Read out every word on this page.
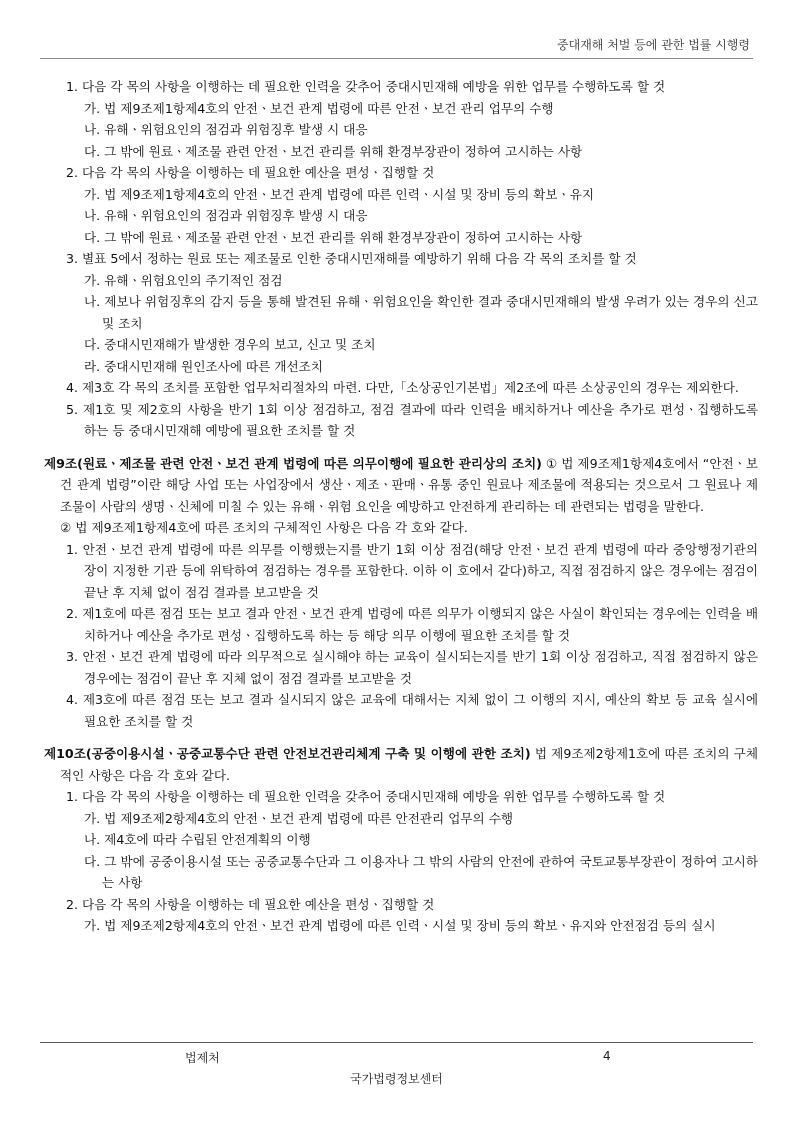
중대재해 처벌 등에 관한 법률 시행령

1. 다음 각 목의 사항을 이행하는 데 필요한 인력을 갖추어 중대시민재해 예방을 위한 업무를 수행하도록 할 것

가. 법 제9조제1항제4호의 안전ㆍ보건 관계 법령에 따른 안전ㆍ보건 관리 업무의 수행

나. 유해ㆍ위험요인의 점검과 위험징후 발생 시 대응

다. 그 밖에 원료ㆍ제조물 관련 안전ㆍ보건 관리를 위해 환경부장관이 정하여 고시하는 사항

2. 다음 각 목의 사항을 이행하는 데 필요한 예산을 편성ㆍ집행할 것

가. 법 제9조제1항제4호의 안전ㆍ보건 관계 법령에 따른 인력ㆍ시설 및 장비 등의 확보ㆍ유지

나. 유해ㆍ위험요인의 점검과 위험징후 발생 시 대응

다. 그 밖에 원료ㆍ제조물 관련 안전ㆍ보건 관리를 위해 환경부장관이 정하여 고시하는 사항

3. 별표 5에서 정하는 원료 또는 제조물로 인한 중대시민재해를 예방하기 위해 다음 각 목의 조치를 할 것

가. 유해ㆍ위험요인의 주기적인 점검

나. 제보나 위험징후의 감지 등을 통해 발견된 유해ㆍ위험요인을 확인한 결과 중대시민재해의 발생 우려가 있는 경우의 신고 및 조치

다. 중대시민재해가 발생한 경우의 보고, 신고 및 조치

라. 중대시민재해 원인조사에 따른 개선조치

4. 제3호 각 목의 조치를 포함한 업무처리절차의 마련. 다만,「소상공인기본법」제2조에 따른 소상공인의 경우는 제외한다.

5. 제1호 및 제2호의 사항을 반기 1회 이상 점검하고, 점검 결과에 따라 인력을 배치하거나 예산을 추가로 편성ㆍ집행하도록 하는 등 중대시민재해 예방에 필요한 조치를 할 것

제9조(원료ㆍ제조물 관련 안전ㆍ보건 관계 법령에 따른 의무이행에 필요한 관리상의 조치) ① 법 제9조제1항제4호에서 “안전ㆍ보건 관계 법령”이란 해당 사업 또는 사업장에서 생산ㆍ제조ㆍ판매ㆍ유통 중인 원료나 제조물에 적용되는 것으로서 그 원료나 제조물이 사람의 생명ㆍ신체에 미칠 수 있는 유해ㆍ위험 요인을 예방하고 안전하게 관리하는 데 관련되는 법령을 말한다.

② 법 제9조제1항제4호에 따른 조치의 구체적인 사항은 다음 각 호와 같다.

1. 안전ㆍ보건 관계 법령에 따른 의무를 이행했는지를 반기 1회 이상 점검(해당 안전ㆍ보건 관계 법령에 따라 중앙행정기관의 장이 지정한 기관 등에 위탁하여 점검하는 경우를 포함한다. 이하 이 호에서 같다)하고, 직접 점검하지 않은 경우에는 점검이 끝난 후 지체 없이 점검 결과를 보고받을 것

2. 제1호에 따른 점검 또는 보고 결과 안전ㆍ보건 관계 법령에 따른 의무가 이행되지 않은 사실이 확인되는 경우에는 인력을 배치하거나 예산을 추가로 편성ㆍ집행하도록 하는 등 해당 의무 이행에 필요한 조치를 할 것

3. 안전ㆍ보건 관계 법령에 따라 의무적으로 실시해야 하는 교육이 실시되는지를 반기 1회 이상 점검하고, 직접 점검하지 않은 경우에는 점검이 끝난 후 지체 없이 점검 결과를 보고받을 것

4. 제3호에 따른 점검 또는 보고 결과 실시되지 않은 교육에 대해서는 지체 없이 그 이행의 지시, 예산의 확보 등 교육 실시에 필요한 조치를 할 것

제10조(공중이용시설ㆍ공중교통수단 관련 안전보건관리체계 구축 및 이행에 관한 조치) 법 제9조제2항제1호에 따른 조치의 구체적인 사항은 다음 각 호와 같다.

1. 다음 각 목의 사항을 이행하는 데 필요한 인력을 갖추어 중대시민재해 예방을 위한 업무를 수행하도록 할 것

가. 법 제9조제2항제4호의 안전ㆍ보건 관계 법령에 따른 안전관리 업무의 수행

나. 제4호에 따라 수립된 안전계획의 이행

다. 그 밖에 공중이용시설 또는 공중교통수단과 그 이용자나 그 밖의 사람의 안전에 관하여 국토교통부장관이 정하여 고시하는 사항

2. 다음 각 목의 사항을 이행하는 데 필요한 예산을 편성ㆍ집행할 것

가. 법 제9조제2항제4호의 안전ㆍ보건 관계 법령에 따른 인력ㆍ시설 및 장비 등의 확보ㆍ유지와 안전점검 등의 실시

법제처	4
국가법령정보센터
